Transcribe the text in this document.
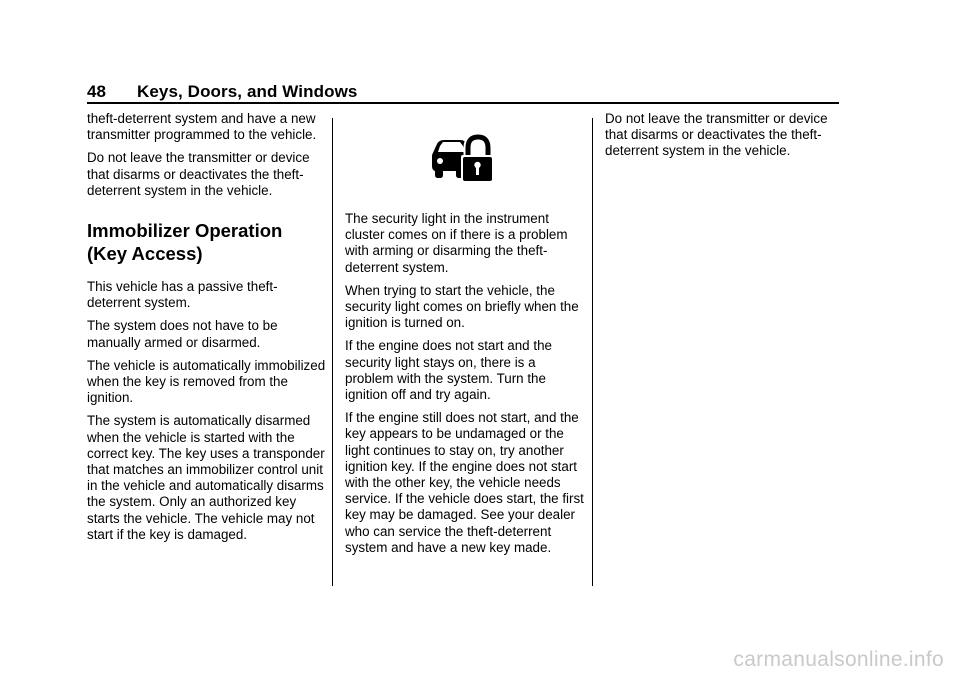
48	Keys, Doors, and Windows

theft-deterrent system and have a new transmitter programmed to the vehicle.

Do not leave the transmitter or device that disarms or deactivates the theft-deterrent system in the vehicle.

Immobilizer Operation
(Key Access)

This vehicle has a passive theft-deterrent system.

The system does not have to be manually armed or disarmed.

The vehicle is automatically immobilized when the key is removed from the ignition.

The system is automatically disarmed when the vehicle is started with the correct key. The key uses a transponder that matches an immobilizer control unit in the vehicle and automatically disarms the system. Only an authorized key starts the vehicle. The vehicle may not start if the key is damaged.

The security light in the instrument cluster comes on if there is a problem with arming or disarming the theft-deterrent system.

When trying to start the vehicle, the security light comes on briefly when the ignition is turned on.

If the engine does not start and the security light stays on, there is a problem with the system. Turn the ignition off and try again.

If the engine still does not start, and the key appears to be undamaged or the light continues to stay on, try another ignition key. If the engine does not start with the other key, the vehicle needs service. If the vehicle does start, the first key may be damaged. See your dealer who can service the theft-deterrent system and have a new key made.

Do not leave the transmitter or device that disarms or deactivates the theft-deterrent system in the vehicle.

carmanualsonline.info
